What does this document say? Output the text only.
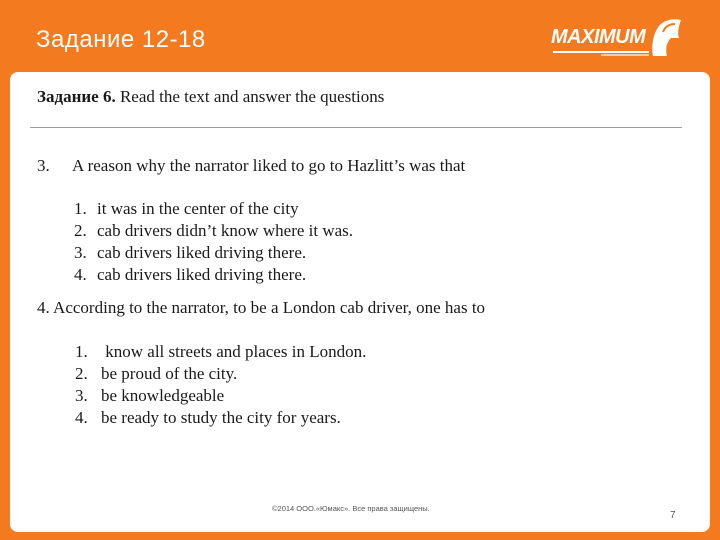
Задание 12-18	MAXIMUM
Задание 6. Read the text and answer the questions
3. A reason why the narrator liked to go to Hazlitt’s was that
1. it was in the center of the city
2. cab drivers didn’t know where it was.
3. cab drivers liked driving there.
4. cab drivers liked driving there.
4. According to the narrator, to be a London cab driver, one has to
1. know all streets and places in London.
2. be proud of the city.
3. be knowledgeable
4. be ready to study the city for years.
©2014 ООО.«Юмакс». Все права защищены.
7
